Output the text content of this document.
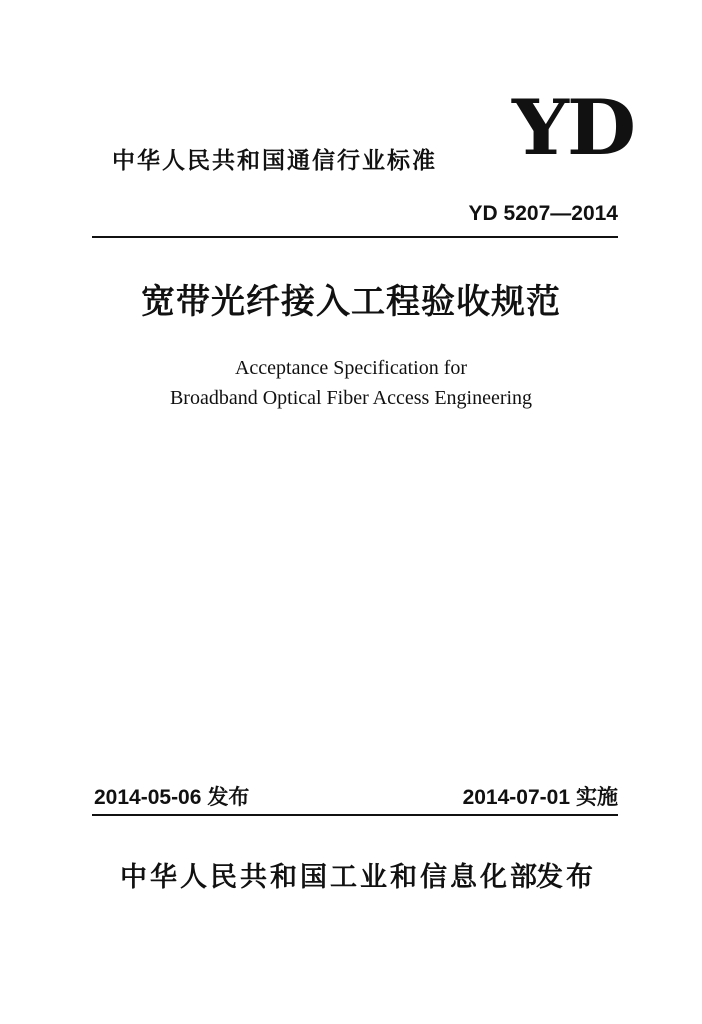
中华人民共和国通信行业标准 YD
YD 5207—2014
宽带光纤接入工程验收规范
Acceptance Specification for
Broadband Optical Fiber Access Engineering
2014-05-06 发布	2014-07-01 实施
中华人民共和国工业和信息化部
发布
